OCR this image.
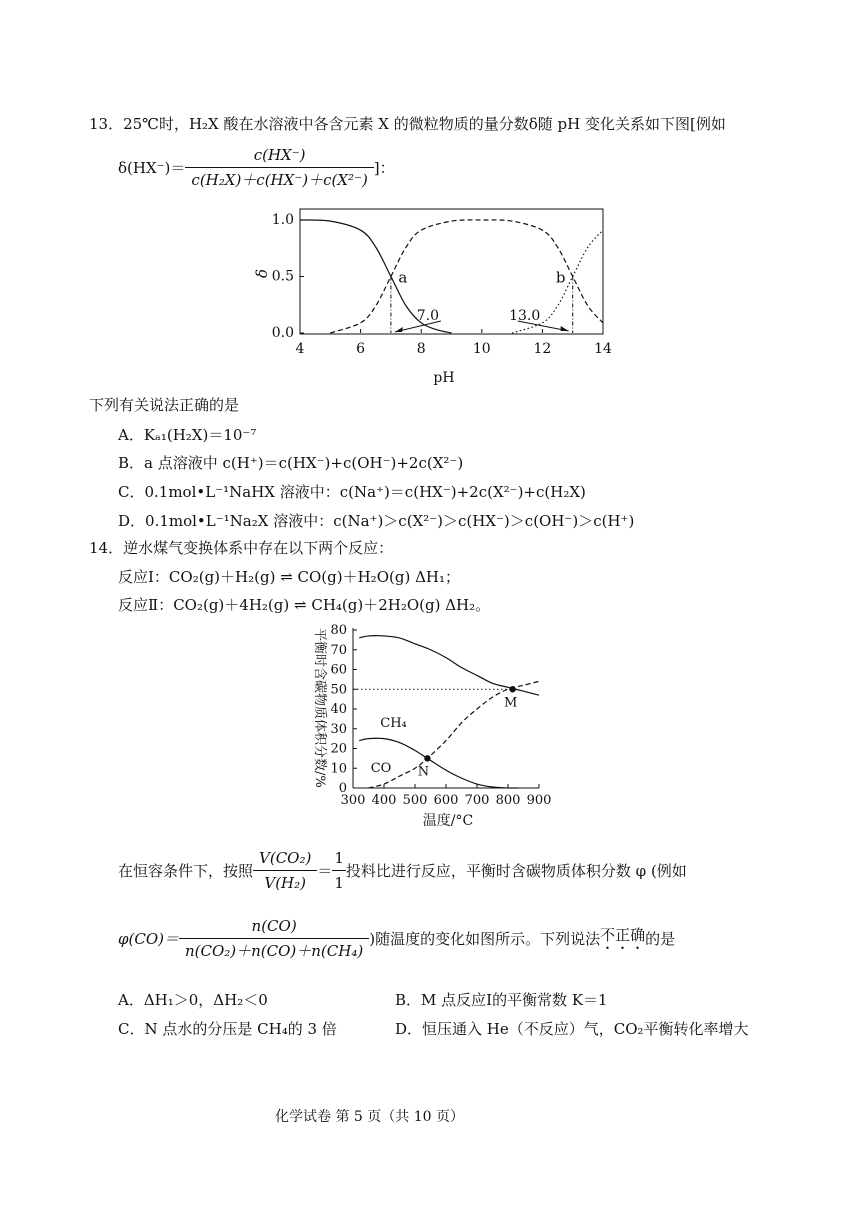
13．25℃时，H₂X 酸在水溶液中各含元素 X 的微粒物质的量分数δ随 pH 变化关系如下图[例如
$\delta(HX^-)= \frac{c(HX^-)}{\text{c(H₂X)＋c(HX⁻)＋c(X²⁻)}}$ ]：
4	6	8	10	12	14
0.0
0.5
1.0
a	b
7.0	13.0
δ
pH
下列有关说法正确的是
A．Kₐ₁(H₂X)＝10⁻⁷
B．a 点溶液中 c(H⁺)＝c(HX⁻)+c(OH⁻)+2c(X²⁻)
C．0.1mol•L⁻¹NaHX 溶液中：c(Na⁺)＝c(HX⁻)+2c(X²⁻)+c(H₂X)
D．0.1mol•L⁻¹Na₂X 溶液中：c(Na⁺)＞c(X²⁻)＞c(HX⁻)＞c(OH⁻)＞c(H⁺)
14．逆水煤气变换体系中存在以下两个反应：
反应Ⅰ：CO₂(g)＋H₂(g) ⇌ CO(g)＋H₂O(g) ΔH₁；
反应Ⅱ：CO₂(g)＋4H₂(g) ⇌ CH₄(g)＋2H₂O(g) ΔH₂。
300 400 500 600 700 800 900
0
10
20
30
40
50
60
70
80
M
N
CH₄
CO
平衡时含碳物质体积分数/%
温度/°C
在恒容条件下，按照 $\frac{\text{V(CO₂)}}{\text{V(H₂)}} = \frac{1}{1}$ 投料比进行反应，平衡时含碳物质体积分数 φ (例如
$\varphi(CO)= \frac{n(CO)}{\text{n(CO₂)＋n(CO)＋n(CH₄)}}$ )随温度的变化如图所示。下列说法 不正确 的是
A．ΔH₁＞0，ΔH₂＜0	B．M 点反应Ⅰ的平衡常数 K＝1
C．N 点水的分压是 CH₄的 3 倍	D．恒压通入 He（不反应）气，CO₂平衡转化率增大
化学试卷 第 5 页（共 10 页）
